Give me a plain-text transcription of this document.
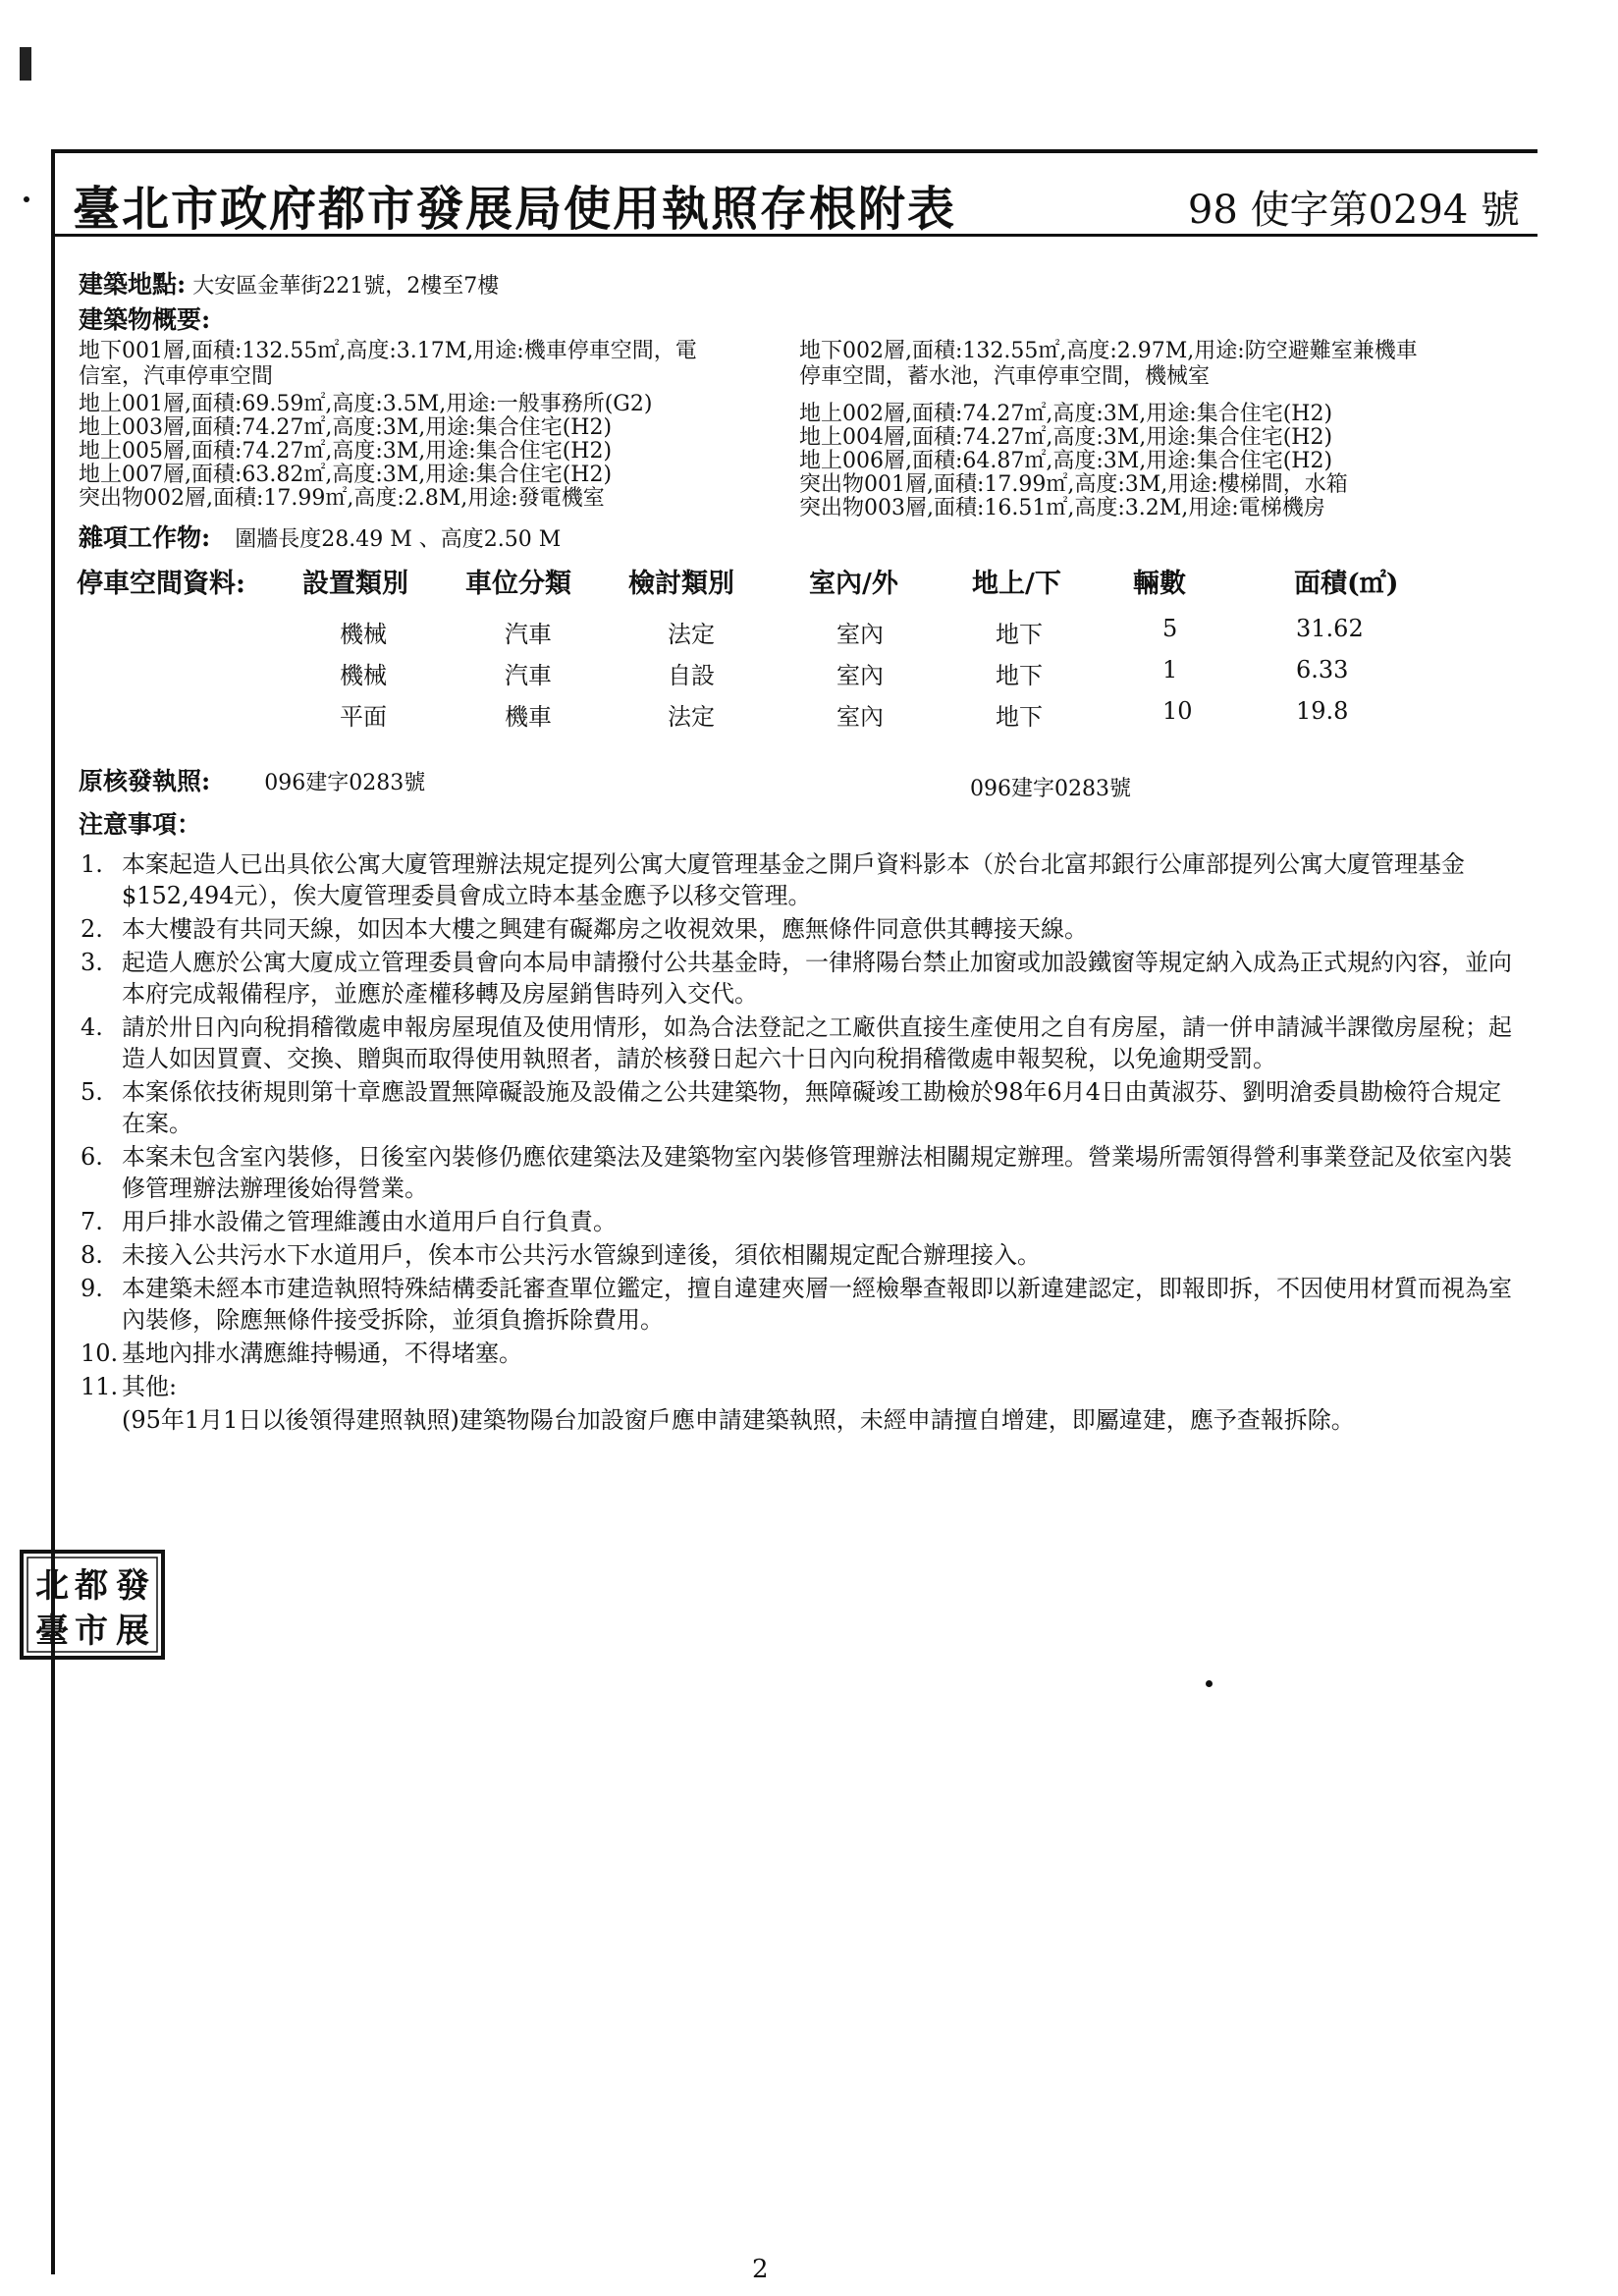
臺北市政府都市發展局使用執照存根附表	98 使字第0294 號
建築地點: 大安區金華街221號，2樓至7樓
建築物概要:
地下001層,面積:132.55㎡,高度:3.17M,用途:機車停車空間，電
信室，汽車停車空間
地上001層,面積:69.59㎡,高度:3.5M,用途:一般事務所(G2)
地上003層,面積:74.27㎡,高度:3M,用途:集合住宅(H2)
地上005層,面積:74.27㎡,高度:3M,用途:集合住宅(H2)
地上007層,面積:63.82㎡,高度:3M,用途:集合住宅(H2)
突出物002層,面積:17.99㎡,高度:2.8M,用途:發電機室
地下002層,面積:132.55㎡,高度:2.97M,用途:防空避難室兼機車
停車空間，蓄水池，汽車停車空間，機械室
地上002層,面積:74.27㎡,高度:3M,用途:集合住宅(H2)
地上004層,面積:74.27㎡,高度:3M,用途:集合住宅(H2)
地上006層,面積:64.87㎡,高度:3M,用途:集合住宅(H2)
突出物001層,面積:17.99㎡,高度:3M,用途:樓梯間，水箱
突出物003層,面積:16.51㎡,高度:3.2M,用途:電梯機房
雜項工作物: 圍牆長度28.49 M 、高度2.50 M
停車空間資料: 設置類別 車位分類 檢討類別	室內/外	地上/下	輛數	面積(㎡)
機械	汽車	法定	室內	地下	5	31.62
機械	汽車	自設	室內	地下	1	6.33
平面	機車	法定	室內	地下	10	19.8
原核發執照:	096建字0283號	096建字0283號
注意事項：
1. 本案起造人已出具依公寓大廈管理辦法規定提列公寓大廈管理基金之開戶資料影本（於台北富邦銀行公庫部提列公寓大廈管理基金$152,494元），俟大廈管理委員會成立時本基金應予以移交管理。
2. 本大樓設有共同天線，如因本大樓之興建有礙鄰房之收視效果，應無條件同意供其轉接天線。
3. 起造人應於公寓大廈成立管理委員會向本局申請撥付公共基金時，一律將陽台禁止加窗或加設鐵窗等規定納入成為正式規約內容，並向本府完成報備程序，並應於產權移轉及房屋銷售時列入交代。
4. 請於卅日內向稅捐稽徵處申報房屋現值及使用情形，如為合法登記之工廠供直接生產使用之自有房屋，請一併申請減半課徵房屋稅；起造人如因買賣、交換、贈與而取得使用執照者，請於核發日起六十日內向稅捐稽徵處申報契稅，以免逾期受罰。
5. 本案係依技術規則第十章應設置無障礙設施及設備之公共建築物，無障礙竣工勘檢於98年6月4日由黃淑芬、劉明滄委員勘檢符合規定在案。
6. 本案未包含室內裝修，日後室內裝修仍應依建築法及建築物室內裝修管理辦法相關規定辦理。營業場所需領得營利事業登記及依室內裝修管理辦法辦理後始得營業。
7. 用戶排水設備之管理維護由水道用戶自行負責。
8. 未接入公共污水下水道用戶，俟本市公共污水管線到達後，須依相關規定配合辦理接入。
9. 本建築未經本市建造執照特殊結構委託審查單位鑑定，擅自違建夾層一經檢舉查報即以新違建認定，即報即拆，不因使用材質而視為室內裝修，除應無條件接受拆除，並須負擔拆除費用。
10. 基地內排水溝應維持暢通，不得堵塞。
11. 其他:
(95年1月1日以後領得建照執照)建築物陽台加設窗戶應申請建築執照，未經申請擅自增建，即屬違建，應予查報拆除。
北 都 發
臺 市 展
2
